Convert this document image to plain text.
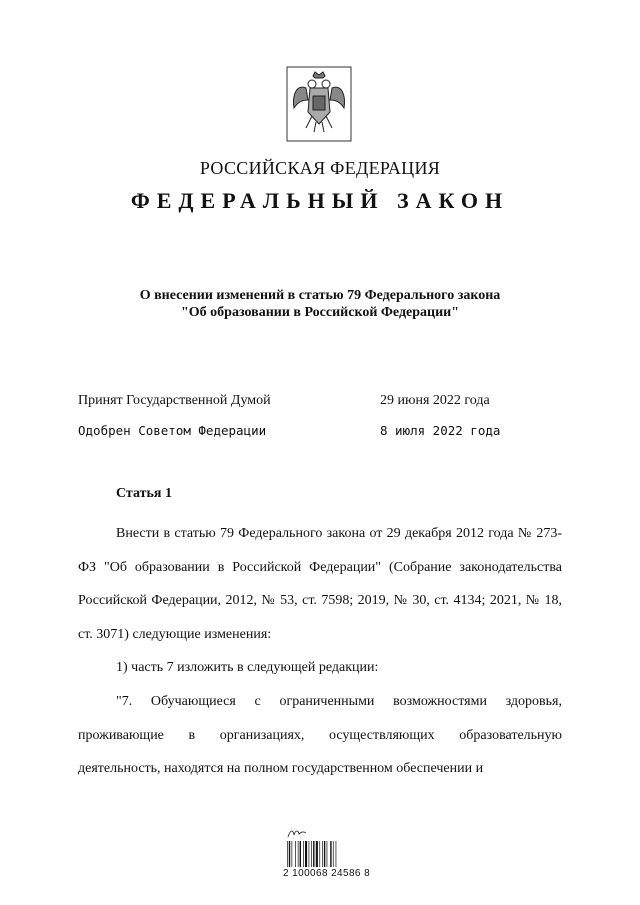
РОССИЙСКАЯ ФЕДЕРАЦИЯ
ФЕДЕРАЛЬНЫЙ ЗАКОН
О внесении изменений в статью 79 Федерального закона
"Об образовании в Российской Федерации"
Принят Государственной Думой	29 июня 2022 года
Одобрен Советом Федерации	8 июля 2022 года
Статья 1

Внести в статью 79 Федерального закона от 29 декабря 2012 года № 273-ФЗ "Об образовании в Российской Федерации" (Собрание законодательства Российской Федерации, 2012, № 53, ст. 7598; 2019, № 30, ст. 4134; 2021, № 18, ст. 3071) следующие изменения:

1) часть 7 изложить в следующей редакции:

"7. Обучающиеся с ограниченными возможностями здоровья, проживающие в организациях, осуществляющих образовательную деятельность, находятся на полном государственном обеспечении и

2 100068 24586 8
